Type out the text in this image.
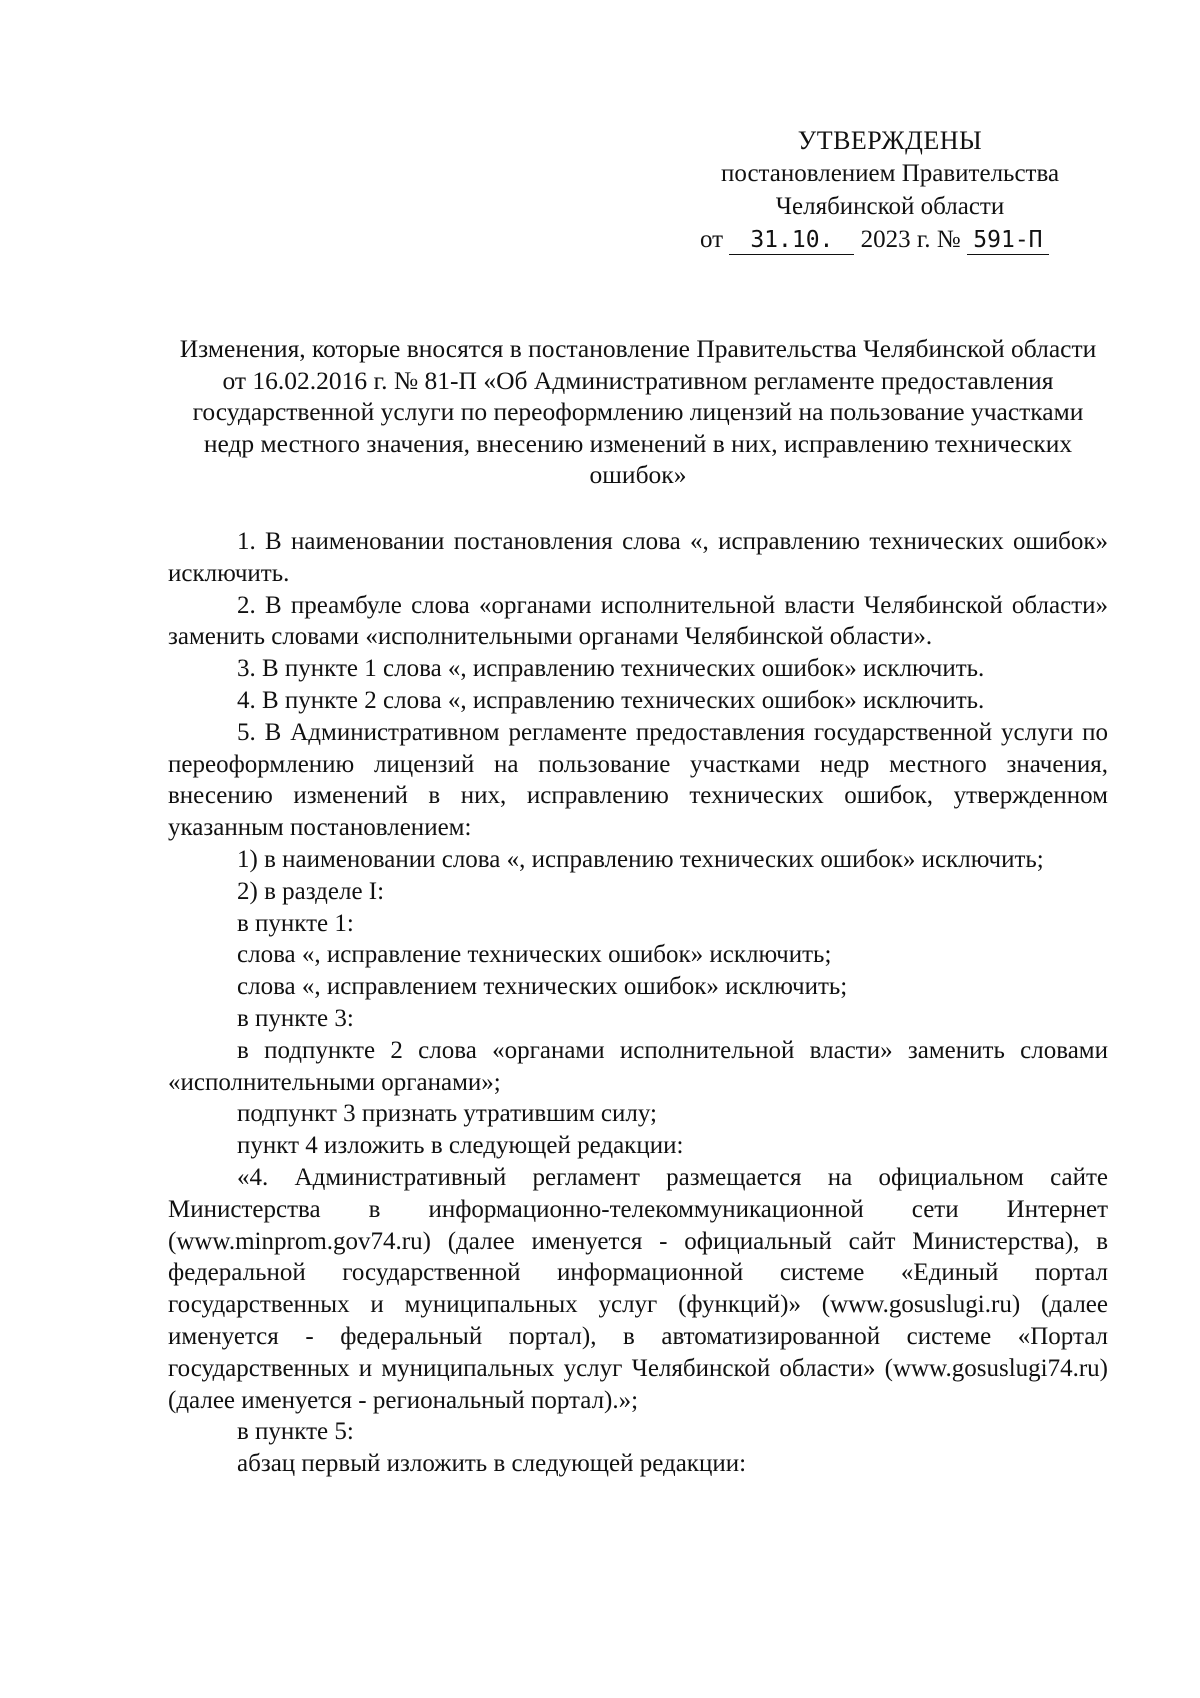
УТВЕРЖДЕНЫ
постановлением Правительства
Челябинской области
от 31.10. 2023 г. № 591-П
Изменения, которые вносятся в постановление Правительства Челябинской области от 16.02.2016 г. № 81-П «Об Административном регламенте предоставления государственной услуги по переоформлению лицензий на пользование участками недр местного значения, внесению изменений в них, исправлению технических ошибок»

1. В наименовании постановления слова «, исправлению технических ошибок» исключить.

2. В преамбуле слова «органами исполнительной власти Челябинской области» заменить словами «исполнительными органами Челябинской области».

3. В пункте 1 слова «, исправлению технических ошибок» исключить.

4. В пункте 2 слова «, исправлению технических ошибок» исключить.

5. В Административном регламенте предоставления государственной услуги по переоформлению лицензий на пользование участками недр местного значения, внесению изменений в них, исправлению технических ошибок, утвержденном указанным постановлением:

1) в наименовании слова «, исправлению технических ошибок» исключить;

2) в разделе I:

в пункте 1:

слова «, исправление технических ошибок» исключить;

слова «, исправлением технических ошибок» исключить;

в пункте 3:

в подпункте 2 слова «органами исполнительной власти» заменить словами «исполнительными органами»;

подпункт 3 признать утратившим силу;

пункт 4 изложить в следующей редакции:

«4. Административный регламент размещается на официальном сайте Министерства в информационно-телекоммуникационной сети Интернет (www.minprom.gov74.ru) (далее именуется - официальный сайт Министерства), в федеральной государственной информационной системе «Единый портал государственных и муниципальных услуг (функций)» (www.gosuslugi.ru) (далее именуется - федеральный портал), в автоматизированной системе «Портал государственных и муниципальных услуг Челябинской области» (www.gosuslugi74.ru) (далее именуется - региональный портал).»;

в пункте 5:

абзац первый изложить в следующей редакции:
